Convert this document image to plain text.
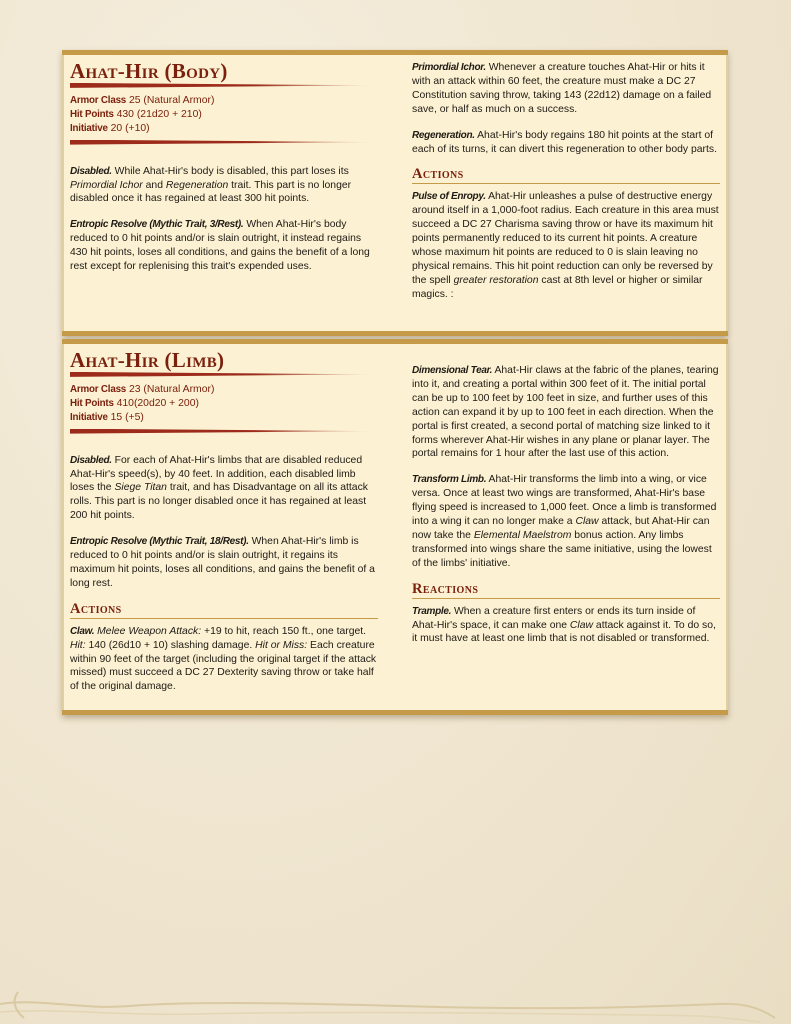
Ahat-Hir (Body)
Armor Class 25 (Natural Armor)
Hit Points 430 (21d20 + 210)
Initiative 20 (+10)

Disabled. While Ahat-Hir's body is disabled, this part loses its Primordial Ichor and Regeneration trait. This part is no longer disabled once it has regained at least 300 hit points.

Entropic Resolve (Mythic Trait, 3/Rest). When Ahat-Hir's body reduced to 0 hit points and/or is slain outright, it instead regains 430 hit points, loses all conditions, and gains the benefit of a long rest except for replenising this trait's expended uses.

Primordial Ichor. Whenever a creature touches Ahat-Hir or hits it with an attack within 60 feet, the creature must make a DC 27 Constitution saving throw, taking 143 (22d12) damage on a failed save, or half as much on a success.

Regeneration. Ahat-Hir's body regains 180 hit points at the start of each of its turns, it can divert this regeneration to other body parts.

Actions

Pulse of Enropy. Ahat-Hir unleashes a pulse of destructive energy around itself in a 1,000-foot radius. Each creature in this area must succeed a DC 27 Charisma saving throw or have its maximum hit points permanently reduced to its current hit points. A creature whose maximum hit points are reduced to 0 is slain leaving no physical remains. This hit point reduction can only be reversed by the spell greater restoration cast at 8th level or higher or similar magics. :

Ahat-Hir (Limb)
Armor Class 23 (Natural Armor)
Hit Points 410(20d20 + 200)
Initiative 15 (+5)

Disabled. For each of Ahat-Hir's limbs that are disabled reduced Ahat-Hir's speed(s), by 40 feet. In addition, each disabled limb loses the Siege Titan trait, and has Disadvantage on all its attack rolls. This part is no longer disabled once it has regained at least 200 hit points.

Entropic Resolve (Mythic Trait, 18/Rest). When Ahat-Hir's limb is reduced to 0 hit points and/or is slain outright, it regains its maximum hit points, loses all conditions, and gains the benefit of a long rest.

Actions

Claw. Melee Weapon Attack: +19 to hit, reach 150 ft., one target. Hit: 140 (26d10 + 10) slashing damage. Hit or Miss: Each creature within 90 feet of the target (including the original target if the attack missed) must succeed a DC 27 Dexterity saving throw or take half of the original damage.

Dimensional Tear. Ahat-Hir claws at the fabric of the planes, tearing into it, and creating a portal within 300 feet of it. The initial portal can be up to 100 feet by 100 feet in size, and further uses of this action can expand it by up to 100 feet in each direction. When the portal is first created, a second portal of matching size linked to it forms wherever Ahat-Hir wishes in any plane or planar layer. The portal remains for 1 hour after the last use of this action.

Transform Limb. Ahat-Hir transforms the limb into a wing, or vice versa. Once at least two wings are transformed, Ahat-Hir's base flying speed is increased to 1,000 feet. Once a limb is transformed into a wing it can no longer make a Claw attack, but Ahat-Hir can now take the Elemental Maelstrom bonus action. Any limbs transformed into wings share the same initiative, using the lowest of the limbs' initiative.

Reactions

Trample. When a creature first enters or ends its turn inside of Ahat-Hir's space, it can make one Claw attack against it. To do so, it must have at least one limb that is not disabled or transformed.
